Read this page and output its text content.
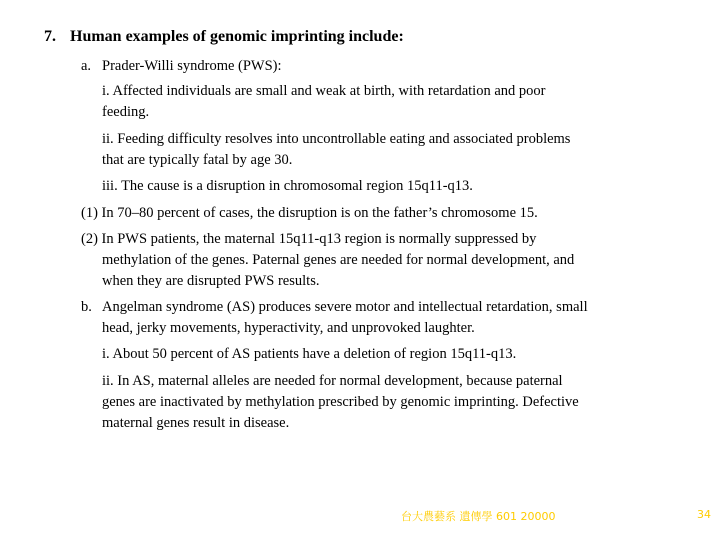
7. Human examples of genomic imprinting include:
a. Prader-Willi syndrome (PWS):
i. Affected individuals are small and weak at birth, with retardation and poor
feeding.
ii. Feeding difficulty resolves into uncontrollable eating and associated problems
that are typically fatal by age 30.
iii. The cause is a disruption in chromosomal region 15q11-q13.
(1) In 70–80 percent of cases, the disruption is on the father’s chromosome 15.
(2) In PWS patients, the maternal 15q11-q13 region is normally suppressed by
methylation of the genes. Paternal genes are needed for normal development, and
when they are disrupted PWS results.
b. Angelman syndrome (AS) produces severe motor and intellectual retardation, small
head, jerky movements, hyperactivity, and unprovoked laughter.
i. About 50 percent of AS patients have a deletion of region 15q11-q13.
ii. In AS, maternal alleles are needed for normal development, because paternal
genes are inactivated by methylation prescribed by genomic imprinting. Defective
maternal genes result in disease.
台大農藝系 遺傳學 601 20000	34
